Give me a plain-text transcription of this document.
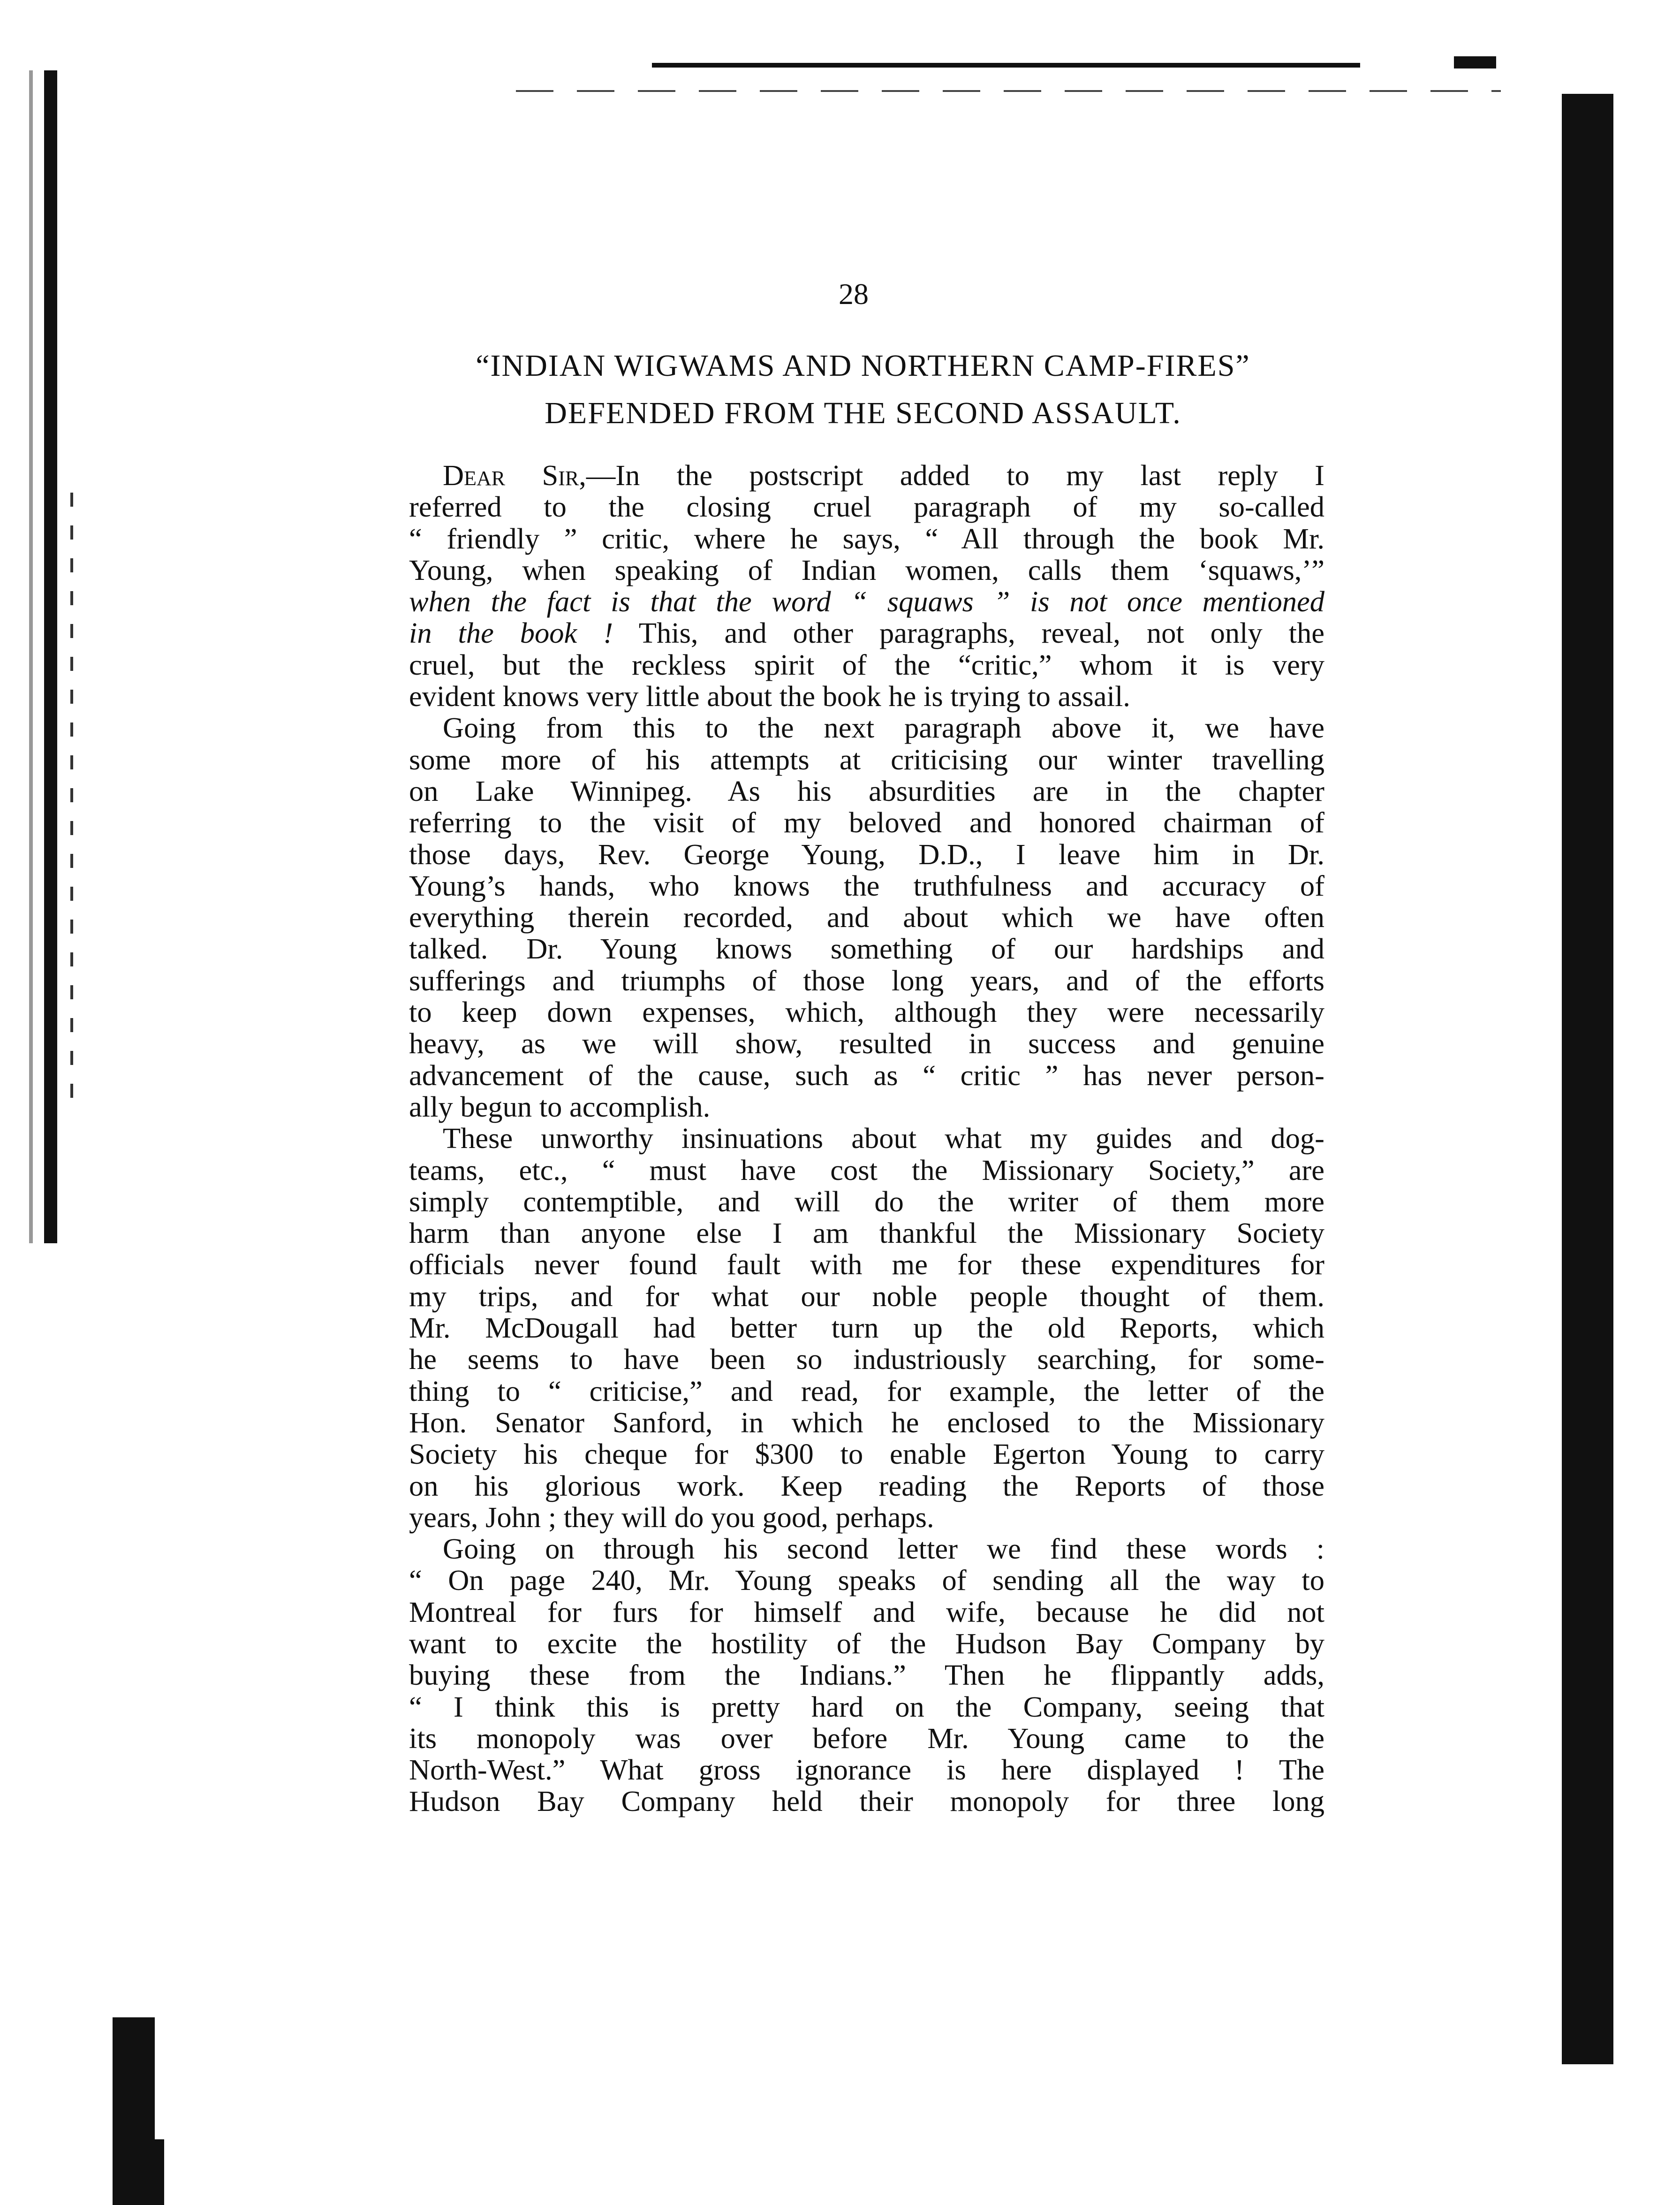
28
“INDIAN WIGWAMS AND NORTHERN CAMP-FIRES”
DEFENDED FROM THE SECOND ASSAULT.
Dear Sir,—In the postscript added to my last reply I
referred to the closing cruel paragraph of my so-called
“ friendly ” critic, where he says, “ All through the book Mr.
Young, when speaking of Indian women, calls them ‘squaws,’”
when the fact is that the word “ squaws ” is not once mentioned
in the book ! This, and other paragraphs, reveal, not only the
cruel, but the reckless spirit of the “critic,” whom it is very
evident knows very little about the book he is trying to assail.
Going from this to the next paragraph above it, we have
some more of his attempts at criticising our winter travelling
on Lake Winnipeg. As his absurdities are in the chapter
referring to the visit of my beloved and honored chairman of
those days, Rev. George Young, D.D., I leave him in Dr.
Young’s hands, who knows the truthfulness and accuracy of
everything therein recorded, and about which we have often
talked. Dr. Young knows something of our hardships and
sufferings and triumphs of those long years, and of the efforts
to keep down expenses, which, although they were necessarily
heavy, as we will show, resulted in success and genuine
advancement of the cause, such as “ critic ” has never person-
ally begun to accomplish.
These unworthy insinuations about what my guides and dog-
teams, etc., “ must have cost the Missionary Society,” are
simply contemptible, and will do the writer of them more
harm than anyone else I am thankful the Missionary Society
officials never found fault with me for these expenditures for
my trips, and for what our noble people thought of them.
Mr. McDougall had better turn up the old Reports, which
he seems to have been so industriously searching, for some-
thing to “ criticise,” and read, for example, the letter of the
Hon. Senator Sanford, in which he enclosed to the Missionary
Society his cheque for $300 to enable Egerton Young to carry
on his glorious work. Keep reading the Reports of those
years, John ; they will do you good, perhaps.
Going on through his second letter we find these words :
“ On page 240, Mr. Young speaks of sending all the way to
Montreal for furs for himself and wife, because he did not
want to excite the hostility of the Hudson Bay Company by
buying these from the Indians.” Then he flippantly adds,
“ I think this is pretty hard on the Company, seeing that
its monopoly was over before Mr. Young came to the
North-West.” What gross ignorance is here displayed ! The
Hudson Bay Company held their monopoly for three long
